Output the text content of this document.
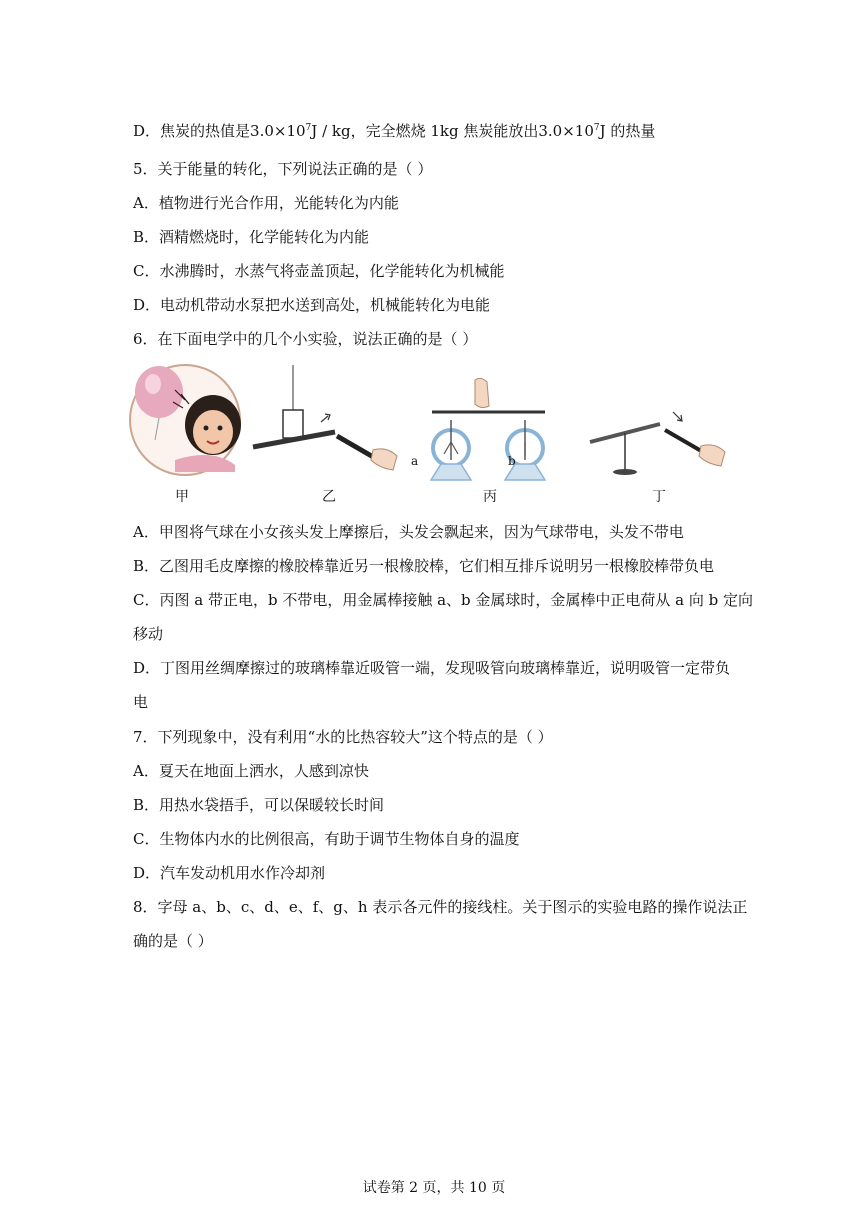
D．焦炭的热值是$3.0\times 10^7J$ / kg，完全燃烧 1kg 焦炭能放出$3.0\times 10^7J$ 的热量
5．关于能量的转化，下列说法正确的是（ ）
A．植物进行光合作用，光能转化为内能
B．酒精燃烧时，化学能转化为内能
C．水沸腾时，水蒸气将壶盖顶起，化学能转化为机械能
D．电动机带动水泵把水送到高处，机械能转化为电能
6．在下面电学中的几个小实验，说法正确的是（ ）
a	b
甲	乙	丙	丁
A．甲图将气球在小女孩头发上摩擦后，头发会飘起来，因为气球带电，头发不带电
B．乙图用毛皮摩擦的橡胶棒靠近另一根橡胶棒，它们相互排斥说明另一根橡胶棒带负电
C．丙图 a 带正电，b 不带电，用金属棒接触 a、b 金属球时，金属棒中正电荷从 a 向 b 定向
移动
D．丁图用丝绸摩擦过的玻璃棒靠近吸管一端，发现吸管向玻璃棒靠近，说明吸管一定带负
电
7．下列现象中，没有利用“水的比热容较大”这个特点的是（ ）
A．夏天在地面上洒水，人感到凉快
B．用热水袋捂手，可以保暖较长时间
C．生物体内水的比例很高，有助于调节生物体自身的温度
D．汽车发动机用水作冷却剂
8．字母 a、b、c、d、e、f、g、h 表示各元件的接线柱。关于图示的实验电路的操作说法正
确的是（ ）
试卷第 2 页，共 10 页
